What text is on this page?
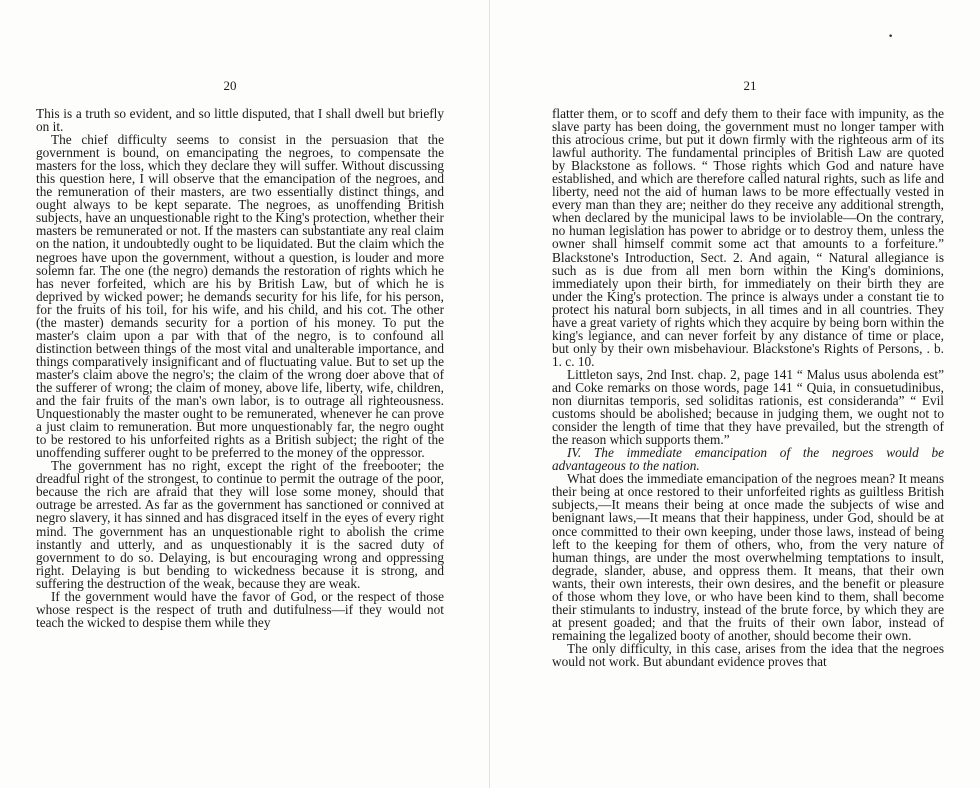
20

This is a truth so evident, and so little disputed, that I shall dwell but briefly on it.

The chief difficulty seems to consist in the persuasion that the government is bound, on emancipating the negroes, to compensate the masters for the loss, which they declare they will suffer. Without discussing this question here, I will observe that the emancipation of the negroes, and the remuneration of their masters, are two essentially distinct things, and ought always to be kept separate. The negroes, as unoffending British subjects, have an unquestionable right to the King's protection, whether their masters be remunerated or not. If the masters can substantiate any real claim on the nation, it undoubtedly ought to be liquidated. But the claim which the negroes have upon the government, without a question, is louder and more solemn far. The one (the negro) demands the restoration of rights which he has never forfeited, which are his by British Law, but of which he is deprived by wicked power; he demands security for his life, for his person, for the fruits of his toil, for his wife, and his child, and his cot. The other (the master) demands security for a portion of his money. To put the master's claim upon a par with that of the negro, is to confound all distinction between things of the most vital and unalterable importance, and things comparatively insignificant and of fluctuating value. But to set up the master's claim above the negro's; the claim of the wrong doer above that of the sufferer of wrong; the claim of money, above life, liberty, wife, children, and the fair fruits of the man's own labor, is to outrage all righteousness. Unquestionably the master ought to be remunerated, whenever he can prove a just claim to remuneration. But more unquestionably far, the negro ought to be restored to his unforfeited rights as a British subject; the right of the unoffending sufferer ought to be preferred to the money of the oppressor.

The government has no right, except the right of the freebooter; the dreadful right of the strongest, to continue to permit the outrage of the poor, because the rich are afraid that they will lose some money, should that outrage be arrested. As far as the government has sanctioned or connived at negro slavery, it has sinned and has disgraced itself in the eyes of every right mind. The government has an unquestionable right to abolish the crime instantly and utterly, and as unquestionably it is the sacred duty of government to do so. Delaying, is but encouraging wrong and oppressing right. Delaying is but bending to wickedness because it is strong, and suffering the destruction of the weak, because they are weak.

If the government would have the favor of God, or the respect of those whose respect is the respect of truth and dutifulness—if they would not teach the wicked to despise them while they

•
21

flatter them, or to scoff and defy them to their face with impunity, as the slave party has been doing, the government must no longer tamper with this atrocious crime, but put it down firmly with the righteous arm of its lawful authority. The fundamental principles of British Law are quoted by Blackstone as follows. “ Those rights which God and nature have established, and which are therefore called natural rights, such as life and liberty, need not the aid of human laws to be more effectually vested in every man than they are; neither do they receive any additional strength, when declared by the municipal laws to be inviolable—On the contrary, no human legislation has power to abridge or to destroy them, unless the owner shall himself commit some act that amounts to a forfeiture.” Blackstone's Introduction, Sect. 2. And again, “ Natural allegiance is such as is due from all men born within the King's dominions, immediately upon their birth, for immediately on their birth they are under the King's protection. The prince is always under a constant tie to protect his natural born subjects, in all times and in all countries. They have a great variety of rights which they acquire by being born within the king's legiance, and can never forfeit by any distance of time or place, but only by their own misbehaviour. Blackstone's Rights of Persons, . b. 1. c. 10.

Littleton says, 2nd Inst. chap. 2, page 141 “ Malus usus abolenda est” and Coke remarks on those words, page 141 “ Quia, in consuetudinibus, non diurnitas temporis, sed soliditas rationis, est consideranda” “ Evil customs should be abolished; because in judging them, we ought not to consider the length of time that they have prevailed, but the strength of the reason which supports them.”

IV. The immediate emancipation of the negroes would be advantageous to the nation.

What does the immediate emancipation of the negroes mean? It means their being at once restored to their unforfeited rights as guiltless British subjects,—It means their being at once made the subjects of wise and benignant laws,—It means that their happiness, under God, should be at once committed to their own keeping, under those laws, instead of being left to the keeping for them of others, who, from the very nature of human things, are under the most overwhelming temptations to insult, degrade, slander, abuse, and oppress them. It means, that their own wants, their own interests, their own desires, and the benefit or pleasure of those whom they love, or who have been kind to them, shall become their stimulants to industry, instead of the brute force, by which they are at present goaded; and that the fruits of their own labor, instead of remaining the legalized booty of another, should become their own.

The only difficulty, in this case, arises from the idea that the negroes would not work. But abundant evidence proves that
